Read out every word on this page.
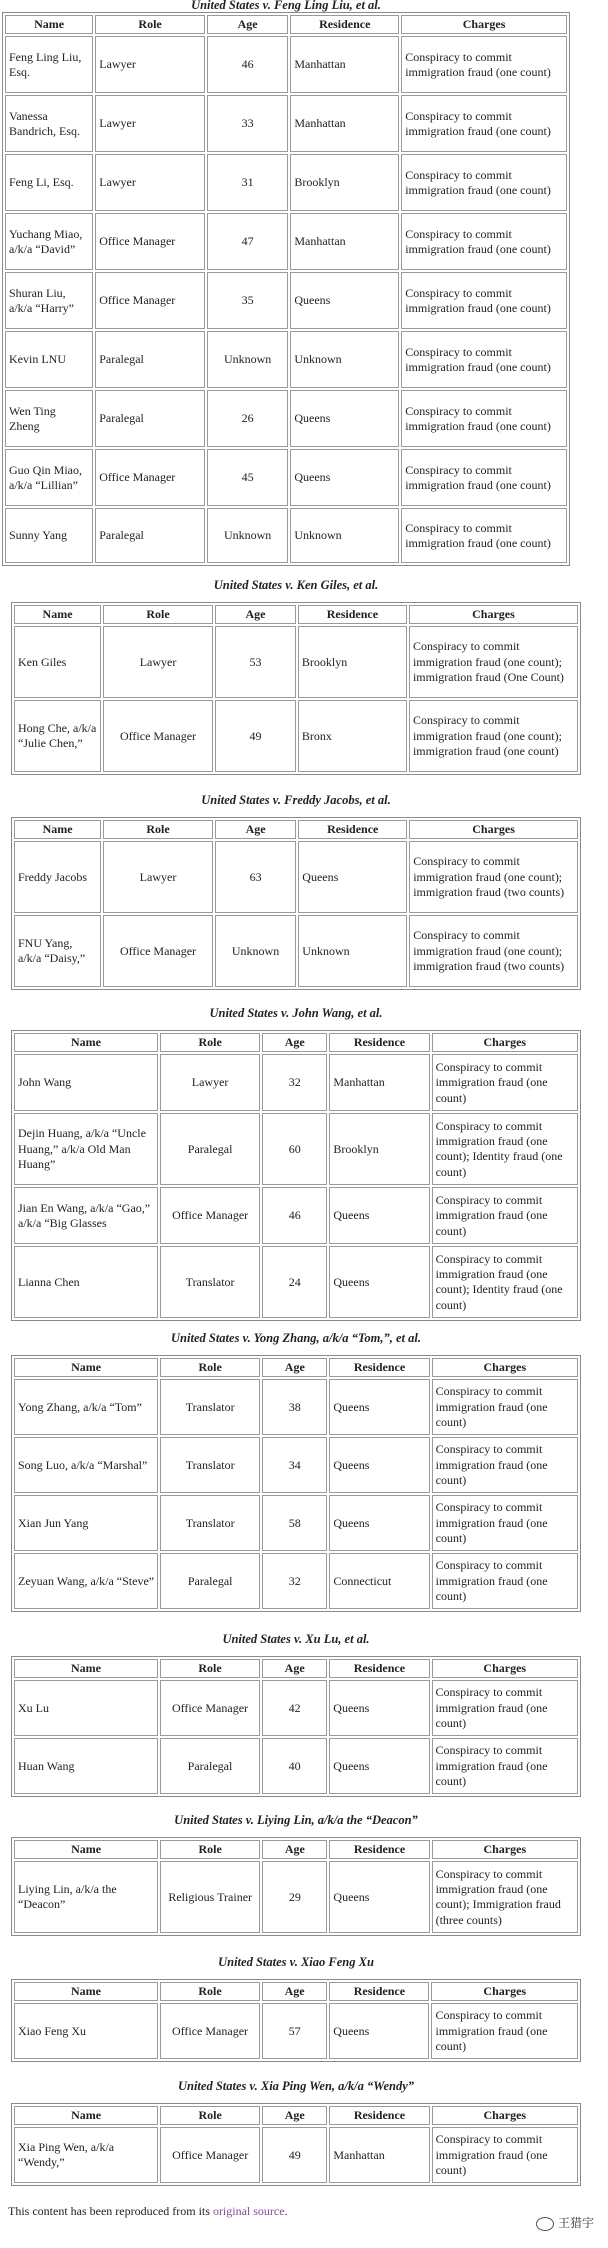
United States v. Feng Ling Liu, et al.

Name	Role	Age	Residence	Charges
Feng Ling Liu, Esq.	Lawyer	46	Manhattan	Conspiracy to commit immigration fraud (one count)
Vanessa Bandrich, Esq.	Lawyer	33	Manhattan	Conspiracy to commit immigration fraud (one count)
Feng Li, Esq.	Lawyer	31	Brooklyn	Conspiracy to commit immigration fraud (one count)
Yuchang Miao, a/k/a “David”	Office Manager	47	Manhattan	Conspiracy to commit immigration fraud (one count)
Shuran Liu, a/k/a “Harry”	Office Manager	35	Queens	Conspiracy to commit immigration fraud (one count)
Kevin LNU	Paralegal	Unknown	Unknown	Conspiracy to commit immigration fraud (one count)
Wen Ting Zheng	Paralegal	26	Queens	Conspiracy to commit immigration fraud (one count)
Guo Qin Miao, a/k/a “Lillian”	Office Manager	45	Queens	Conspiracy to commit immigration fraud (one count)
Sunny Yang	Paralegal	Unknown	Unknown	Conspiracy to commit immigration fraud (one count)

United States v. Ken Giles, et al.

Name	Role	Age	Residence	Charges
Ken Giles	Lawyer	53	Brooklyn	Conspiracy to commit immigration fraud (one count); immigration fraud (One Count)
Hong Che, a/k/a “Julie Chen,”	Office Manager	49	Bronx	Conspiracy to commit immigration fraud (one count); immigration fraud (one count)

United States v. Freddy Jacobs, et al.

Name	Role	Age	Residence	Charges
Freddy Jacobs	Lawyer	63	Queens	Conspiracy to commit immigration fraud (one count); immigration fraud (two counts)
FNU Yang, a/k/a “Daisy,”	Office Manager	Unknown	Unknown	Conspiracy to commit immigration fraud (one count); immigration fraud (two counts)

United States v. John Wang, et al.

Name	Role	Age	Residence	Charges
John Wang	Lawyer	32	Manhattan	Conspiracy to commit immigration fraud (one count)
Dejin Huang, a/k/a “Uncle Huang,” a/k/a Old Man Huang”	Paralegal	60	Brooklyn	Conspiracy to commit immigration fraud (one count); Identity fraud (one count)
Jian En Wang, a/k/a “Gao,” a/k/a “Big Glasses	Office Manager	46	Queens	Conspiracy to commit immigration fraud (one count)
Lianna Chen	Translator	24	Queens	Conspiracy to commit immigration fraud (one count); Identity fraud (one count)

United States v. Yong Zhang, a/k/a “Tom,”, et al.

Name	Role	Age	Residence	Charges
Yong Zhang, a/k/a “Tom”	Translator	38	Queens	Conspiracy to commit immigration fraud (one count)
Song Luo, a/k/a “Marshal”	Translator	34	Queens	Conspiracy to commit immigration fraud (one count)
Xian Jun Yang	Translator	58	Queens	Conspiracy to commit immigration fraud (one count)
Zeyuan Wang, a/k/a “Steve”	Paralegal	32	Connecticut	Conspiracy to commit immigration fraud (one count)

United States v. Xu Lu, et al.

Name	Role	Age	Residence	Charges
Xu Lu	Office Manager	42	Queens	Conspiracy to commit immigration fraud (one count)
Huan Wang	Paralegal	40	Queens	Conspiracy to commit immigration fraud (one count)

United States v. Liying Lin, a/k/a the “Deacon”

Name	Role	Age	Residence	Charges
Liying Lin, a/k/a the “Deacon”	Religious Trainer	29	Queens	Conspiracy to commit immigration fraud (one count); Immigration fraud (three counts)

United States v. Xiao Feng Xu

Name	Role	Age	Residence	Charges
Xiao Feng Xu	Office Manager	57	Queens	Conspiracy to commit immigration fraud (one count)

United States v. Xia Ping Wen, a/k/a “Wendy”

Name	Role	Age	Residence	Charges
Xia Ping Wen, a/k/a “Wendy,”	Office Manager	49	Manhattan	Conspiracy to commit immigration fraud (one count)

This content has been reproduced from its original source.

王猎宇
